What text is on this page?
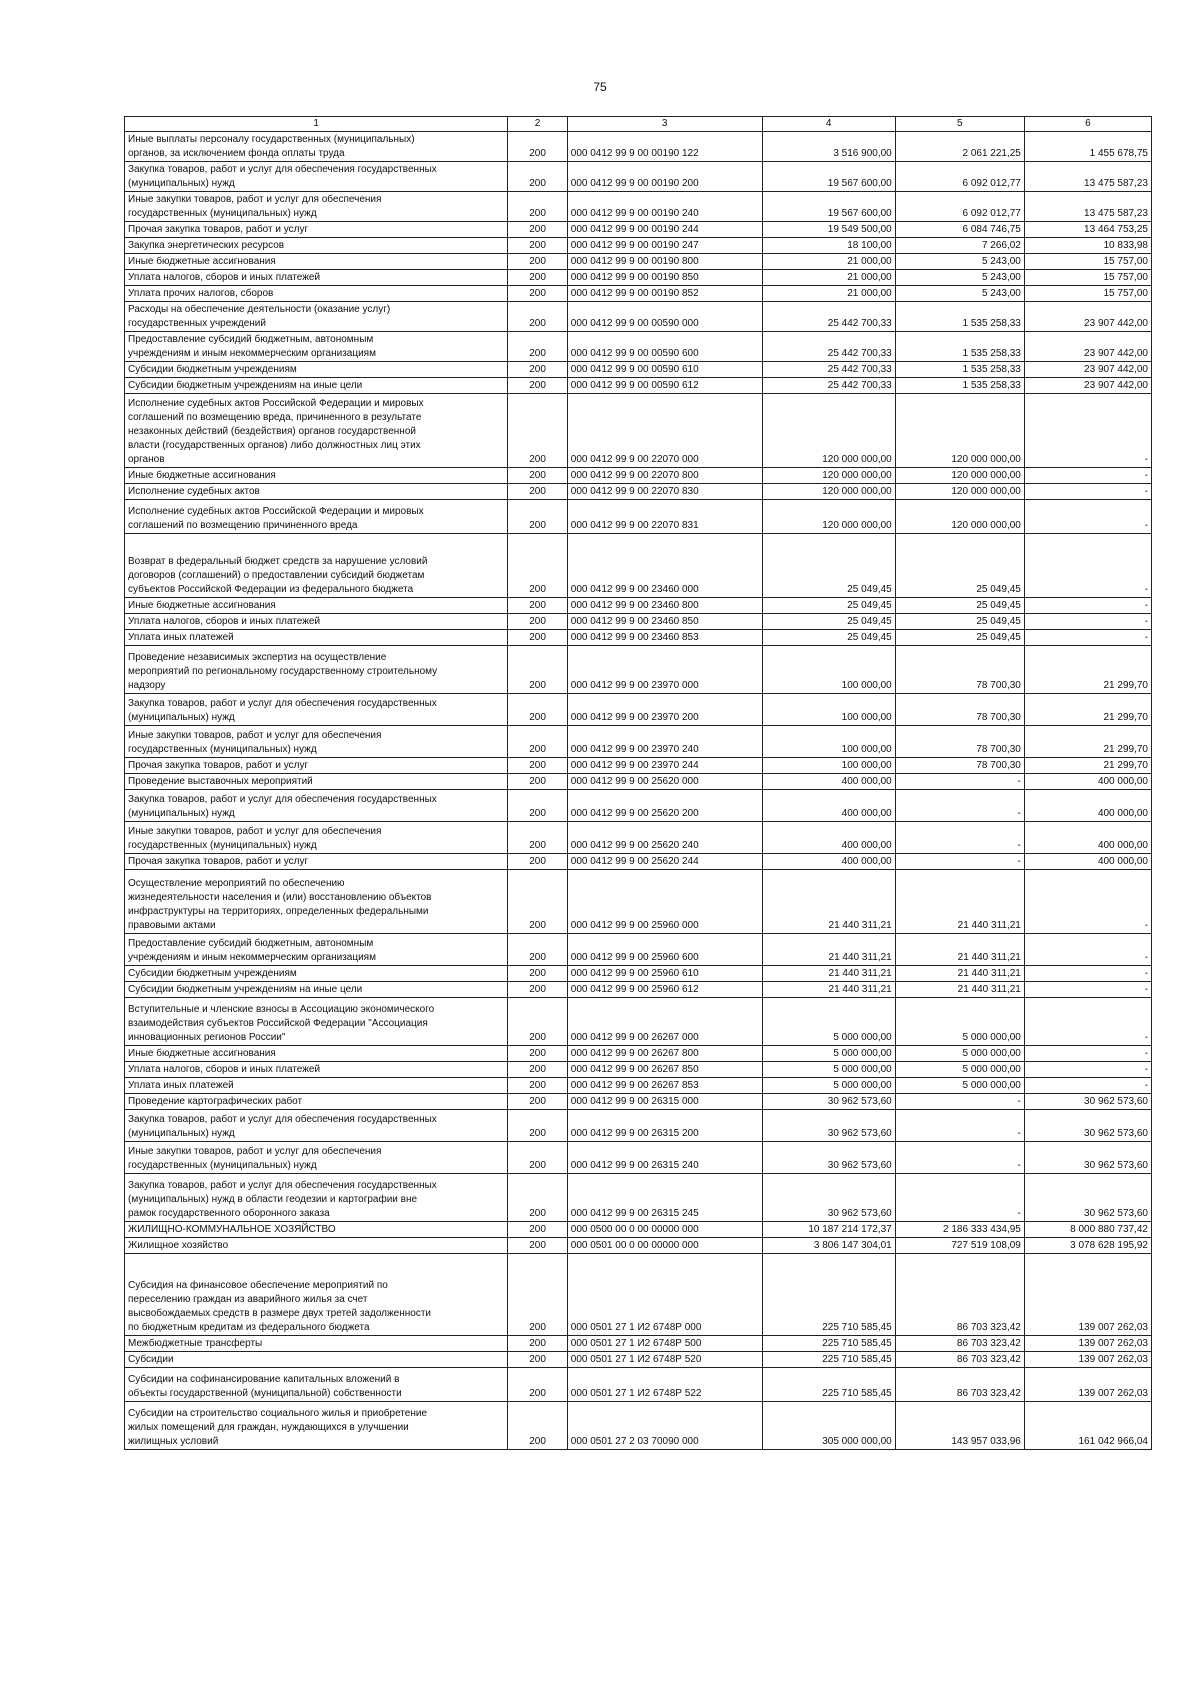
75
1	2	3	4	5	6

Иные выплаты персоналу государственных (муниципальных)
органов, за исключением фонда оплаты труда	200	000 0412 99 9 00 00190 122	3 516 900,00	2 061 221,25	1 455 678,75

Закупка товаров, работ и услуг для обеспечения государственных
(муниципальных) нужд	200	000 0412 99 9 00 00190 200	19 567 600,00	6 092 012,77	13 475 587,23

Иные закупки товаров, работ и услуг для обеспечения
государственных (муниципальных) нужд	200	000 0412 99 9 00 00190 240	19 567 600,00	6 092 012,77	13 475 587,23

Прочая закупка товаров, работ и услуг	200	000 0412 99 9 00 00190 244	19 549 500,00	6 084 746,75	13 464 753,25

Закупка энергетических ресурсов	200	000 0412 99 9 00 00190 247	18 100,00	7 266,02	10 833,98

Иные бюджетные ассигнования	200	000 0412 99 9 00 00190 800	21 000,00	5 243,00	15 757,00

Уплата налогов, сборов и иных платежей	200	000 0412 99 9 00 00190 850	21 000,00	5 243,00	15 757,00

Уплата прочих налогов, сборов	200	000 0412 99 9 00 00190 852	21 000,00	5 243,00	15 757,00

Расходы на обеспечение деятельности (оказание услуг)
государственных учреждений	200	000 0412 99 9 00 00590 000	25 442 700,33	1 535 258,33	23 907 442,00

Предоставление субсидий бюджетным, автономным
учреждениям и иным некоммерческим организациям	200	000 0412 99 9 00 00590 600	25 442 700,33	1 535 258,33	23 907 442,00

Субсидии бюджетным учреждениям	200	000 0412 99 9 00 00590 610	25 442 700,33	1 535 258,33	23 907 442,00

Субсидии бюджетным учреждениям на иные цели	200	000 0412 99 9 00 00590 612	25 442 700,33	1 535 258,33	23 907 442,00

Исполнение судебных актов Российской Федерации и мировых
соглашений по возмещению вреда, причиненного в результате
незаконных действий (бездействия) органов государственной
власти (государственных органов) либо должностных лиц этих
органов	200	000 0412 99 9 00 22070 000	120 000 000,00	120 000 000,00	-

Иные бюджетные ассигнования	200	000 0412 99 9 00 22070 800	120 000 000,00	120 000 000,00	-

Исполнение судебных актов	200	000 0412 99 9 00 22070 830	120 000 000,00	120 000 000,00	-

Исполнение судебных актов Российской Федерации и мировых
соглашений по возмещению причиненного вреда	200	000 0412 99 9 00 22070 831	120 000 000,00	120 000 000,00	-

Возврат в федеральный бюджет средств за нарушение условий
договоров (соглашений) о предоставлении субсидий бюджетам
субъектов Российской Федерации из федерального бюджета	200	000 0412 99 9 00 23460 000	25 049,45	25 049,45	-

Иные бюджетные ассигнования	200	000 0412 99 9 00 23460 800	25 049,45	25 049,45	-

Уплата налогов, сборов и иных платежей	200	000 0412 99 9 00 23460 850	25 049,45	25 049,45	-

Уплата иных платежей	200	000 0412 99 9 00 23460 853	25 049,45	25 049,45	-

Проведение независимых экспертиз на осуществление
мероприятий по региональному государственному строительному
надзору	200	000 0412 99 9 00 23970 000	100 000,00	78 700,30	21 299,70

Закупка товаров, работ и услуг для обеспечения государственных
(муниципальных) нужд	200	000 0412 99 9 00 23970 200	100 000,00	78 700,30	21 299,70

Иные закупки товаров, работ и услуг для обеспечения
государственных (муниципальных) нужд	200	000 0412 99 9 00 23970 240	100 000,00	78 700,30	21 299,70

Прочая закупка товаров, работ и услуг	200	000 0412 99 9 00 23970 244	100 000,00	78 700,30	21 299,70

Проведение выставочных мероприятий	200	000 0412 99 9 00 25620 000	400 000,00	-	400 000,00

Закупка товаров, работ и услуг для обеспечения государственных
(муниципальных) нужд	200	000 0412 99 9 00 25620 200	400 000,00	-	400 000,00

Иные закупки товаров, работ и услуг для обеспечения
государственных (муниципальных) нужд	200	000 0412 99 9 00 25620 240	400 000,00	-	400 000,00

Прочая закупка товаров, работ и услуг	200	000 0412 99 9 00 25620 244	400 000,00	-	400 000,00

Осуществление мероприятий по обеспечению
жизнедеятельности населения и (или) восстановлению объектов
инфраструктуры на территориях, определенных федеральными
правовыми актами	200	000 0412 99 9 00 25960 000	21 440 311,21	21 440 311,21	-

Предоставление субсидий бюджетным, автономным
учреждениям и иным некоммерческим организациям	200	000 0412 99 9 00 25960 600	21 440 311,21	21 440 311,21	-

Субсидии бюджетным учреждениям	200	000 0412 99 9 00 25960 610	21 440 311,21	21 440 311,21	-

Субсидии бюджетным учреждениям на иные цели	200	000 0412 99 9 00 25960 612	21 440 311,21	21 440 311,21	-

Вступительные и членские взносы в Ассоциацию экономического
взаимодействия субъектов Российской Федерации "Ассоциация
инновационных регионов России"	200	000 0412 99 9 00 26267 000	5 000 000,00	5 000 000,00	-

Иные бюджетные ассигнования	200	000 0412 99 9 00 26267 800	5 000 000,00	5 000 000,00	-

Уплата налогов, сборов и иных платежей	200	000 0412 99 9 00 26267 850	5 000 000,00	5 000 000,00	-

Уплата иных платежей	200	000 0412 99 9 00 26267 853	5 000 000,00	5 000 000,00	-

Проведение картографических работ	200	000 0412 99 9 00 26315 000	30 962 573,60	-	30 962 573,60

Закупка товаров, работ и услуг для обеспечения государственных
(муниципальных) нужд	200	000 0412 99 9 00 26315 200	30 962 573,60	-	30 962 573,60

Иные закупки товаров, работ и услуг для обеспечения
государственных (муниципальных) нужд	200	000 0412 99 9 00 26315 240	30 962 573,60	-	30 962 573,60

Закупка товаров, работ и услуг для обеспечения государственных
(муниципальных) нужд в области геодезии и картографии вне
рамок государственного оборонного заказа	200	000 0412 99 9 00 26315 245	30 962 573,60	-	30 962 573,60

ЖИЛИЩНО-КОММУНАЛЬНОЕ ХОЗЯЙСТВО	200	000 0500 00 0 00 00000 000	10 187 214 172,37	2 186 333 434,95	8 000 880 737,42

Жилищное хозяйство	200	000 0501 00 0 00 00000 000	3 806 147 304,01	727 519 108,09	3 078 628 195,92

Субсидия на финансовое обеспечение мероприятий по
переселению граждан из аварийного жилья за счет
высвобождаемых средств в размере двух третей задолженности
по бюджетным кредитам из федерального бюджета	200	000 0501 27 1 И2 6748Р 000	225 710 585,45	86 703 323,42	139 007 262,03

Межбюджетные трансферты	200	000 0501 27 1 И2 6748Р 500	225 710 585,45	86 703 323,42	139 007 262,03

Субсидии	200	000 0501 27 1 И2 6748Р 520	225 710 585,45	86 703 323,42	139 007 262,03

Субсидии на софинансирование капитальных вложений в
объекты государственной (муниципальной) собственности	200	000 0501 27 1 И2 6748Р 522	225 710 585,45	86 703 323,42	139 007 262,03

Субсидии на строительство социального жилья и приобретение
жилых помещений для граждан, нуждающихся в улучшении
жилищных условий	200	000 0501 27 2 03 70090 000	305 000 000,00	143 957 033,96	161 042 966,04
